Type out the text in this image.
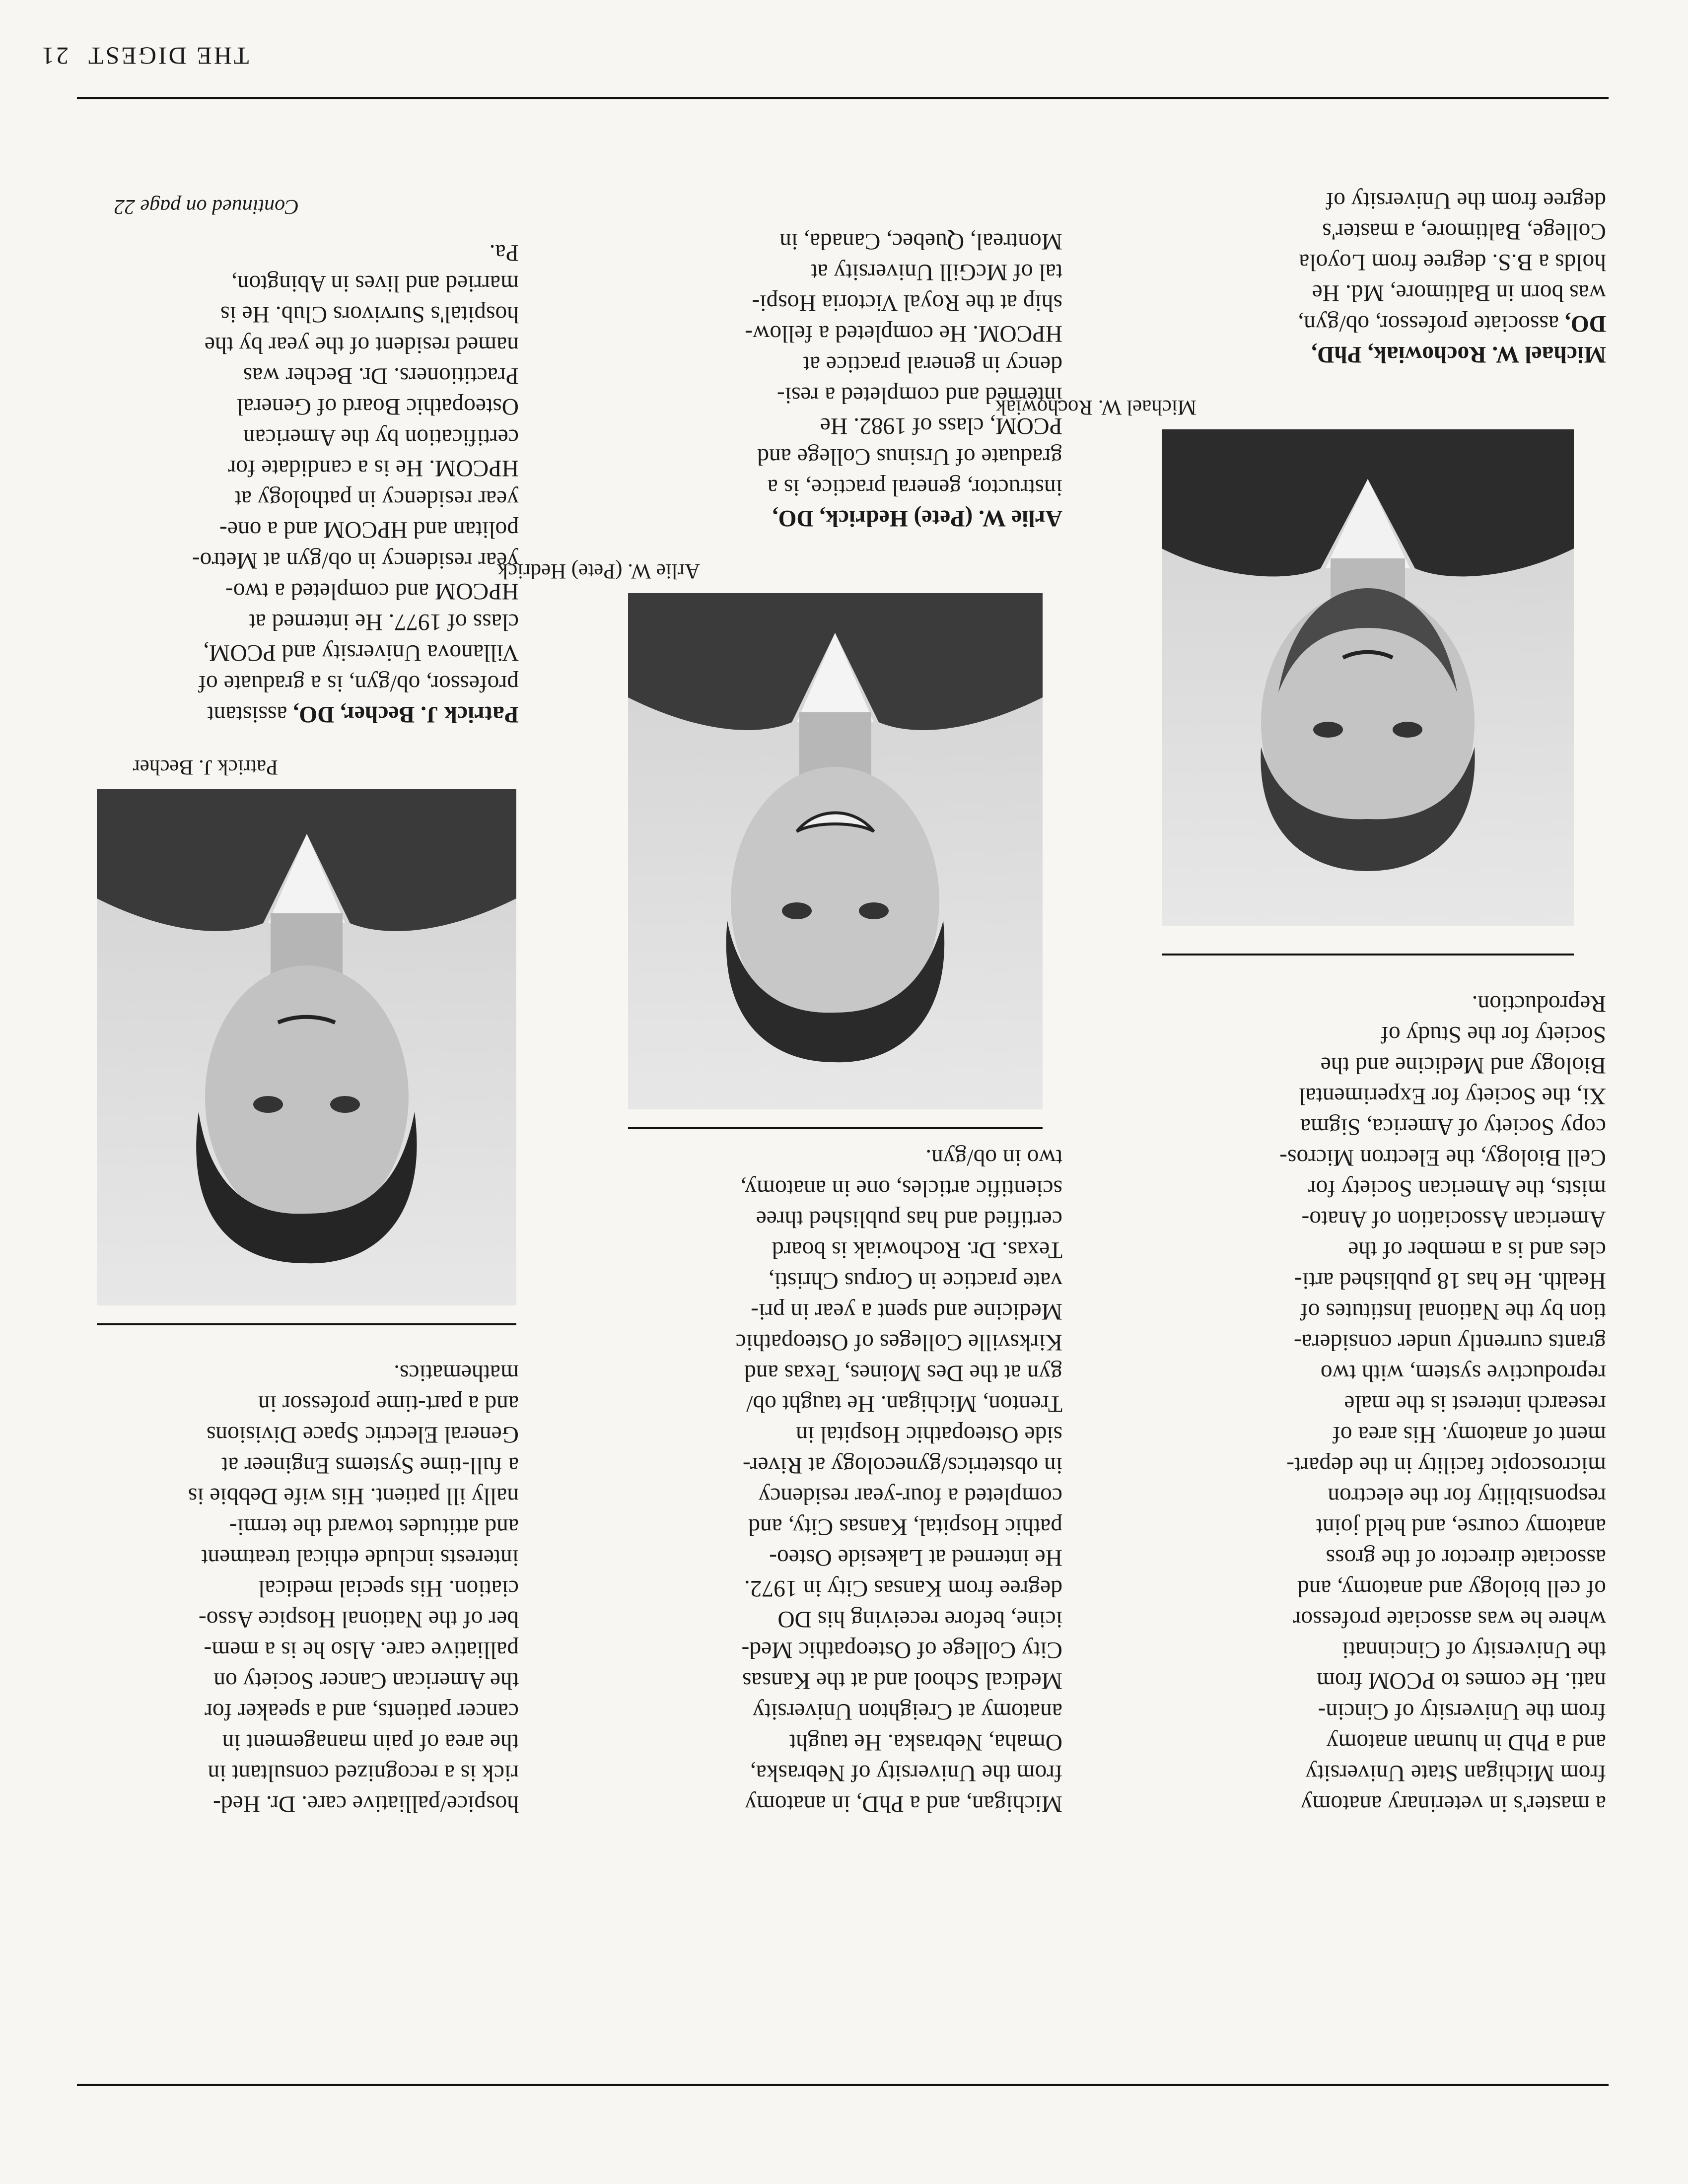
THE DIGEST21
Michael W. Rochowiak
Michael W. Rochowiak, PhD,
DO, associate professor, ob/gyn,
was born in Baltimore, Md. He
holds a B.S. degree from Loyola
College, Baltimore, a master's
degree from the University of
Arlie W. (Pete) Hedrick
Arlie W. (Pete) Hedrick, DO,
instructor, general practice, is a
graduate of Ursinus College and
PCOM, class of 1982. He
interned and completed a resi-
dency in general practice at
HPCOM. He completed a fellow-
ship at the Royal Victoria Hospi-
tal of McGill University at
Montreal, Quebec, Canada, in
Patrick J. Becher
Patrick J. Becher, DO, assistant
professor, ob/gyn, is a graduate of
Villanova University and PCOM,
class of 1977. He interned at
HPCOM and completed a two-
year residency in ob/gyn at Metro-
politan and HPCOM and a one-
year residency in pathology at
HPCOM. He is a candidate for
certification by the American
Osteopathic Board of General
Practitioners. Dr. Becher was
named resident of the year by the
hospital's Survivors Club. He is
married and lives in Abington,
Pa.
Continued on page 22
a master's in veterinary anatomy
from Michigan State University
and a PhD in human anatomy
from the University of Cincin-
nati. He comes to PCOM from
the University of Cincinnati
where he was associate professor
of cell biology and anatomy, and
associate director of the gross
anatomy course, and held joint
responsibility for the electron
microscopic facility in the depart-
ment of anatomy. His area of
research interest is the male
reproductive system, with two
grants currently under considera-
tion by the National Institutes of
Health. He has 18 published arti-
cles and is a member of the
American Association of Anato-
mists, the American Society for
Cell Biology, the Electron Micros-
copy Society of America, Sigma
Xi, the Society for Experimental
Biology and Medicine and the
Society for the Study of
Reproduction.
Michigan, and a PhD, in anatomy
from the University of Nebraska,
Omaha, Nebraska. He taught
anatomy at Creighton University
Medical School and at the Kansas
City College of Osteopathic Med-
icine, before receiving his DO
degree from Kansas City in 1972.
He interned at Lakeside Osteo-
pathic Hospital, Kansas City, and
completed a four-year residency
in obstetrics/gynecology at River-
side Osteopathic Hospital in
Trenton, Michigan. He taught ob/
gyn at the Des Moines, Texas and
Kirksville Colleges of Osteopathic
Medicine and spent a year in pri-
vate practice in Corpus Christi,
Texas. Dr. Rochowiak is board
certified and has published three
scientific articles, one in anatomy,
two in ob/gyn.
hospice/palliative care. Dr. Hed-
rick is a recognized consultant in
the area of pain management in
cancer patients, and a speaker for
the American Cancer Society on
palliative care. Also he is a mem-
ber of the National Hospice Asso-
ciation. His special medical
interests include ethical treatment
and attitudes toward the termi-
nally ill patient. His wife Debbie is
a full-time Systems Engineer at
General Electric Space Divisions
and a part-time professor in
mathematics.
